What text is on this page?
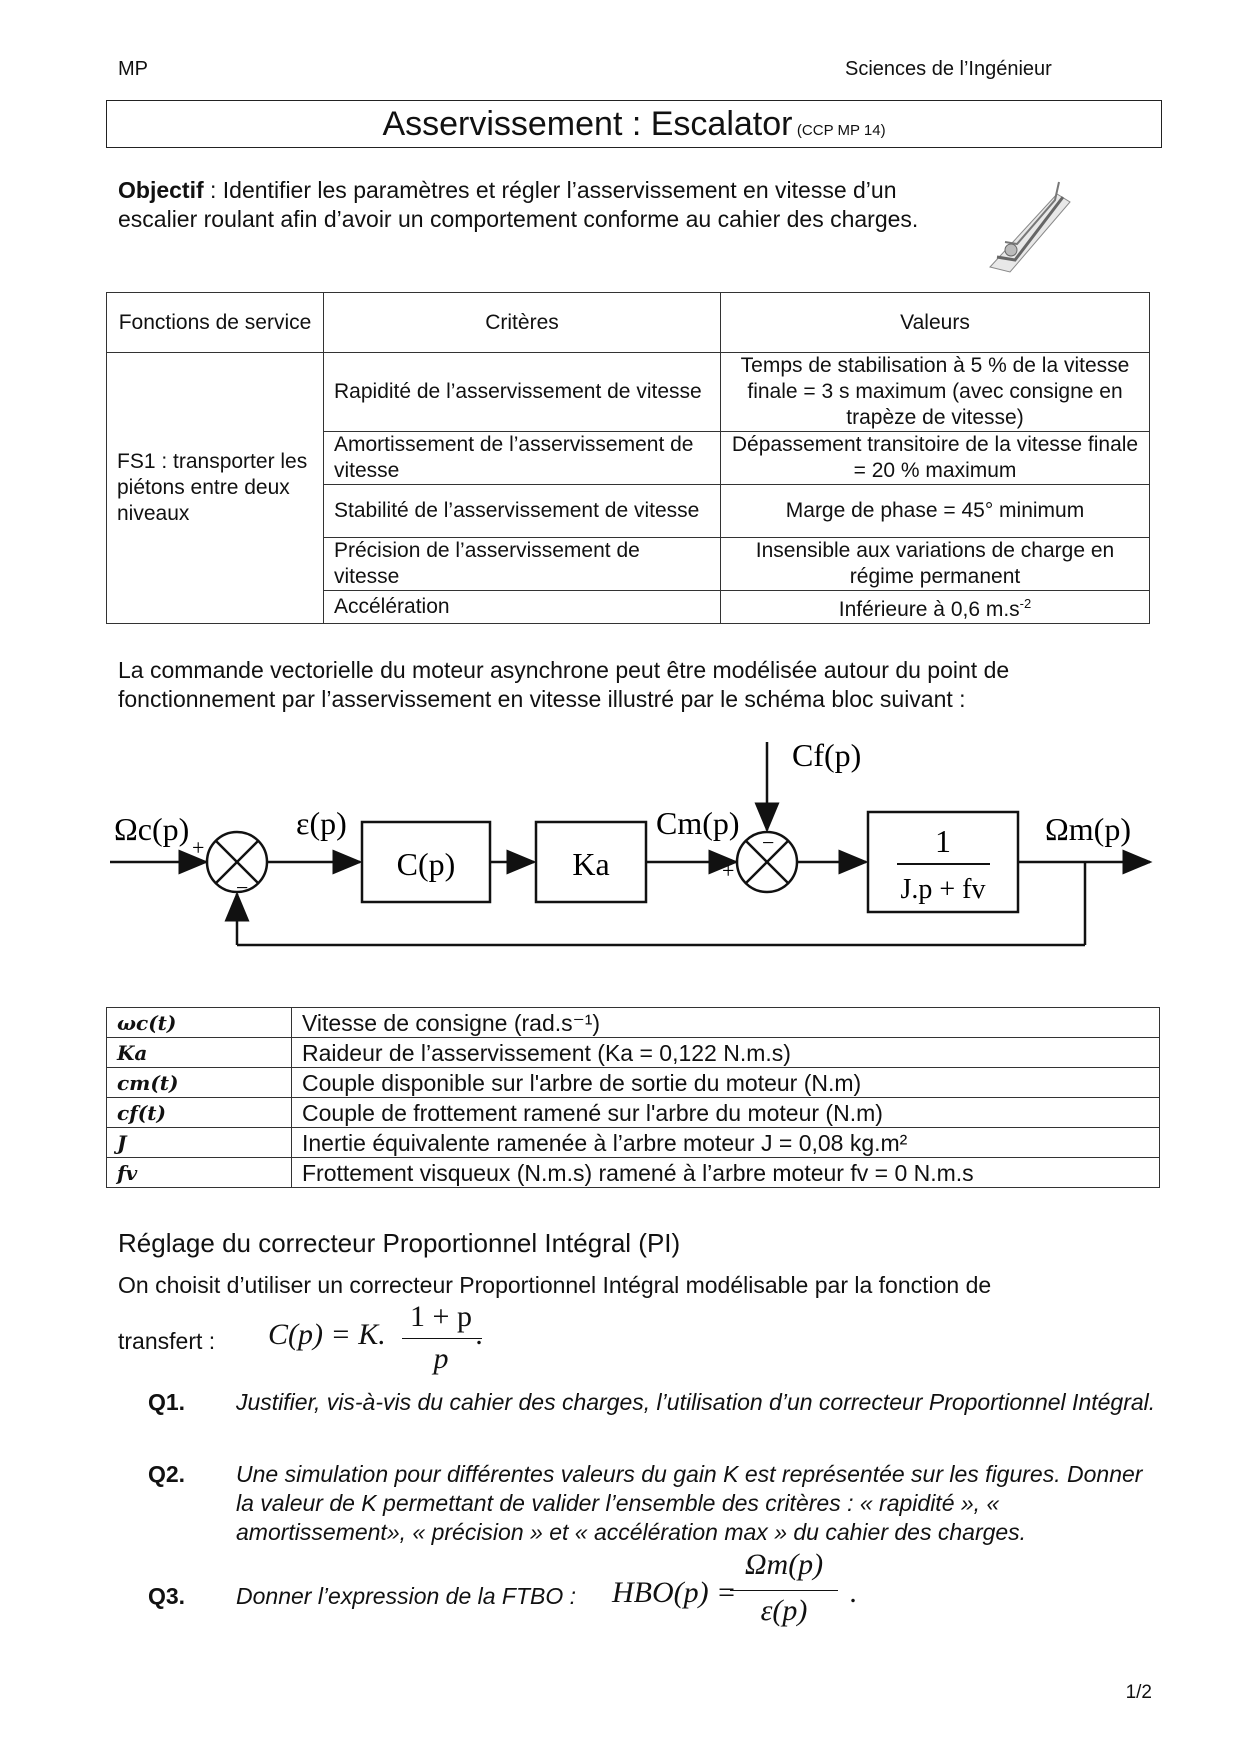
MP	Sciences de l’Ingénieur
Asservissement : Escalator (CCP MP 14)
Objectif : Identifier les paramètres et régler l’asservissement en vitesse d’un escalier roulant afin d’avoir un comportement conforme au cahier des charges.
Fonctions de service	Critères	Valeurs
FS1 : transporter les piétons entre deux niveaux	Rapidité de l’asservissement de vitesse	Temps de stabilisation à 5 % de la vitesse finale = 3 s maximum (avec consigne en trapèze de vitesse)
	Amortissement de l’asservissement de vitesse	Dépassement transitoire de la vitesse finale = 20 % maximum
	Stabilité de l’asservissement de vitesse	Marge de phase = 45° minimum
	Précision de l’asservissement de vitesse	Insensible aux variations de charge en régime permanent
	Accélération	Inférieure à 0,6 $m.s^{-2}$
La commande vectorielle du moteur asynchrone peut être modélisée autour du point de fonctionnement par l’asservissement en vitesse illustré par le schéma bloc suivant :
+
−
+
−
Ωc(p)	ε(p)
C(p)	Ka
Cm(p)
Cf(p)
1
J.p + fv
Ωm(p)
ωc(t)	Vitesse de consigne (rad.s⁻¹)
Ka	Raideur de l’asservissement (Ka = 0,122 N.m.s)
cm(t)	Couple disponible sur l'arbre de sortie du moteur (N.m)
cf(t)	Couple de frottement ramené sur l'arbre du moteur (N.m)
J	Inertie équivalente ramenée à l’arbre moteur J = 0,08 kg.m²
fv	Frottement visqueux (N.m.s) ramené à l’arbre moteur fv = 0 N.m.s
Réglage du correcteur Proportionnel Intégral (PI)
On choisit d’utiliser un correcteur Proportionnel Intégral modélisable par la fonction de
transfert : C(p) = K.
1 + p
p
.
Q1. Justifier, vis-à-vis du cahier des charges, l’utilisation d’un correcteur Proportionnel Intégral.
Q2. Une simulation pour différentes valeurs du gain K est représentée sur les figures. Donner la valeur de K permettant de valider l’ensemble des critères : « rapidité », « amortissement», « précision » et « accélération max » du cahier des charges.
Q3. Donner l’expression de la FTBO : HBO(p) =
Ωm(p)
ε(p)
.
1/2
